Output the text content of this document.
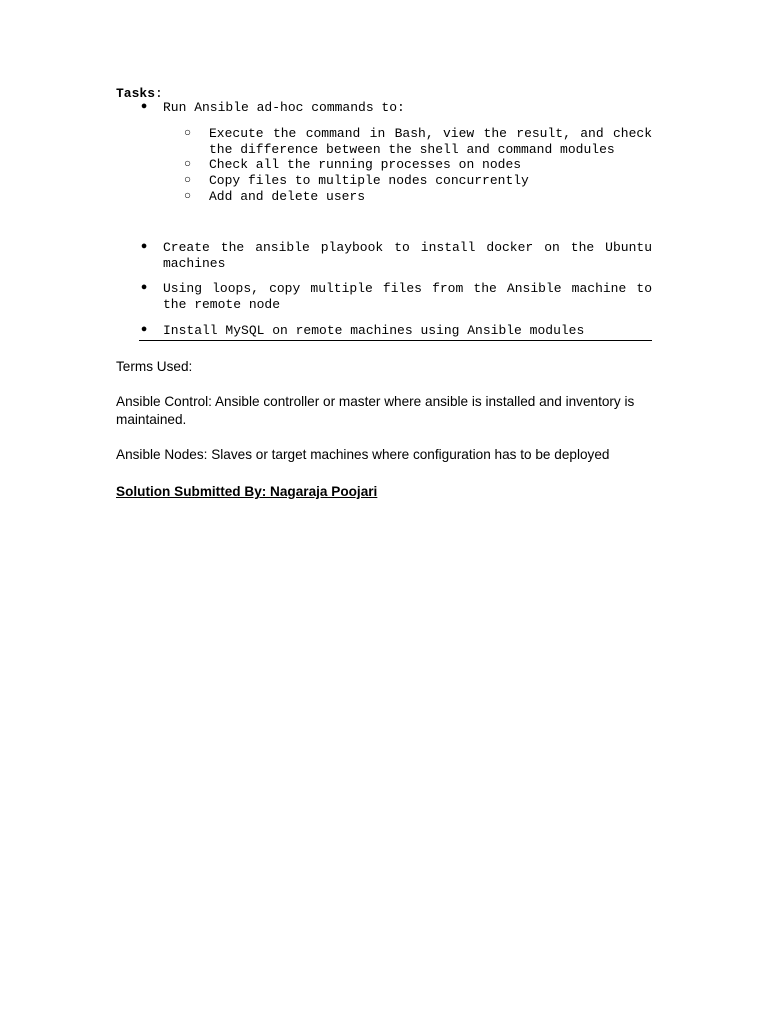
Tasks:
● Run Ansible ad-hoc commands to:
○ Execute the command in Bash, view the result, and check
the difference between the shell and command modules
○ Check all the running processes on nodes
○ Copy files to multiple nodes concurrently
○ Add and delete users
● Create the ansible playbook to install docker on the Ubuntu
machines
● Using loops, copy multiple files from the Ansible machine to
the remote node
● Install MySQL on remote machines using Ansible modules
Terms Used:
Ansible Control: Ansible controller or master where ansible is installed and inventory is maintained.
Ansible Nodes: Slaves or target machines where configuration has to be deployed
Solution Submitted By: Nagaraja Poojari
